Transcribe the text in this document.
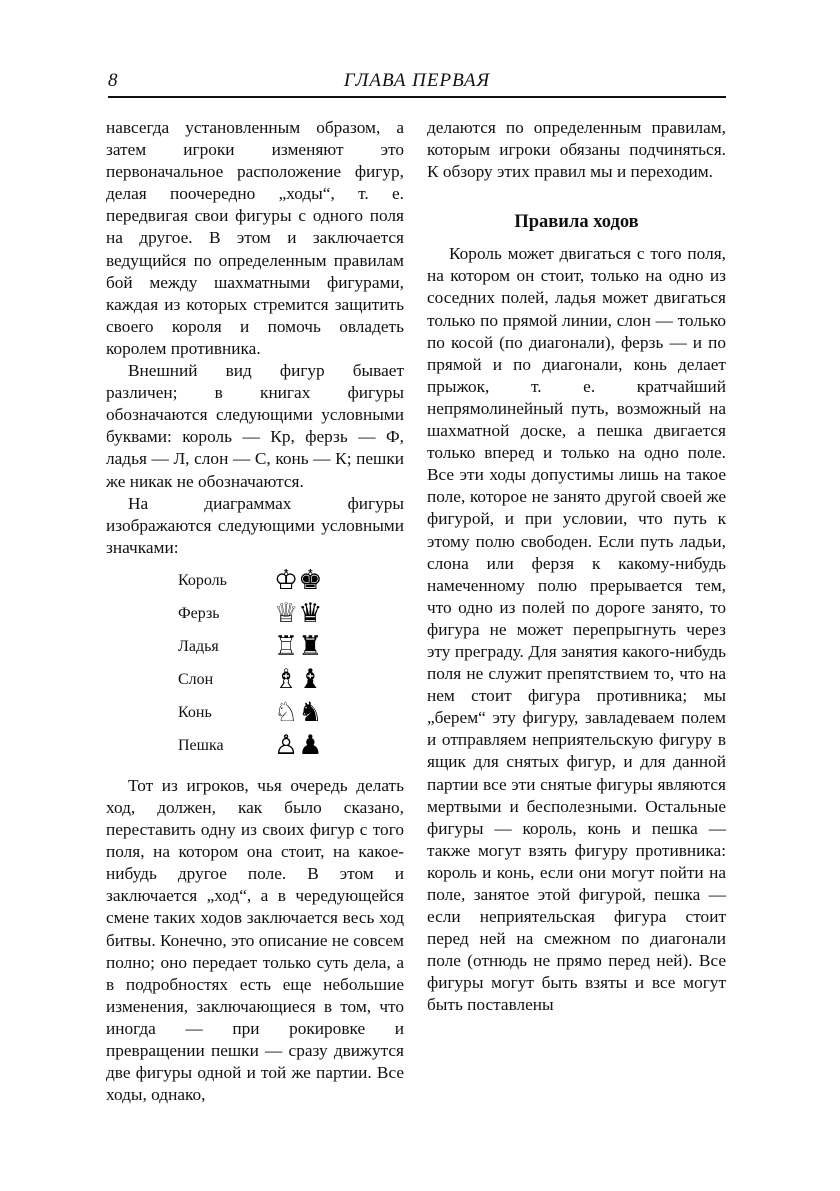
8	ГЛАВА ПЕРВАЯ

навсегда установленным образом, а затем игроки изменяют это первоначальное расположение фигур, делая поочередно „ходы“, т. е. передвигая свои фигуры с одного поля на другое. В этом и заключается ведущийся по определенным правилам бой между шахматными фигурами, каждая из которых стремится защитить своего короля и помочь овладеть королем противника.

Внешний вид фигур бывает различен; в книгах фигуры обозначаются следующими условными буквами: король — Кр, ферзь — Ф, ладья — Л, слон — С, конь — К; пешки же никак не обозначаются.

На диаграммах фигуры изображаются следующими условными значками:

Король	♔♚
Ферзь	♕♛
Ладья	♖♜
Слон	♗♝
Конь	♘♞
Пешка	♙♟

Тот из игроков, чья очередь делать ход, должен, как было сказано, переставить одну из своих фигур с того поля, на котором она стоит, на какое-нибудь другое поле. В этом и заключается „ход“, а в чередующейся смене таких ходов заключается весь ход битвы. Конечно, это описание не совсем полно; оно передает только суть дела, а в подробностях есть еще небольшие изменения, заключающиеся в том, что иногда — при рокировке и превращении пешки — сразу движутся две фигуры одной и той же партии. Все ходы, однако,

делаются по определенным правилам, которым игроки обязаны подчиняться. К обзору этих правил мы и переходим.

Правила ходов

Король может двигаться с того поля, на котором он стоит, только на одно из соседних полей, ладья может двигаться только по прямой линии, слон — только по косой (по диагонали), ферзь — и по прямой и по диагонали, конь делает прыжок, т. е. кратчайший непрямолинейный путь, возможный на шахматной доске, а пешка двигается только вперед и только на одно поле. Все эти ходы допустимы лишь на такое поле, которое не занято другой своей же фигурой, и при условии, что путь к этому полю свободен. Если путь ладьи, слона или ферзя к какому-нибудь намеченному полю прерывается тем, что одно из полей по дороге занято, то фигура не может перепрыгнуть через эту преграду. Для занятия какого-нибудь поля не служит препятствием то, что на нем стоит фигура противника; мы „берем“ эту фигуру, завладеваем полем и отправляем неприятельскую фигуру в ящик для снятых фигур, и для данной партии все эти снятые фигуры являются мертвыми и бесполезными. Остальные фигуры — король, конь и пешка — также могут взять фигуру противника: король и конь, если они могут пойти на поле, занятое этой фигурой, пешка — если неприятельская фигура стоит перед ней на смежном по диагонали поле (отнюдь не прямо перед ней). Все фигуры могут быть взяты и все могут быть поставлены
